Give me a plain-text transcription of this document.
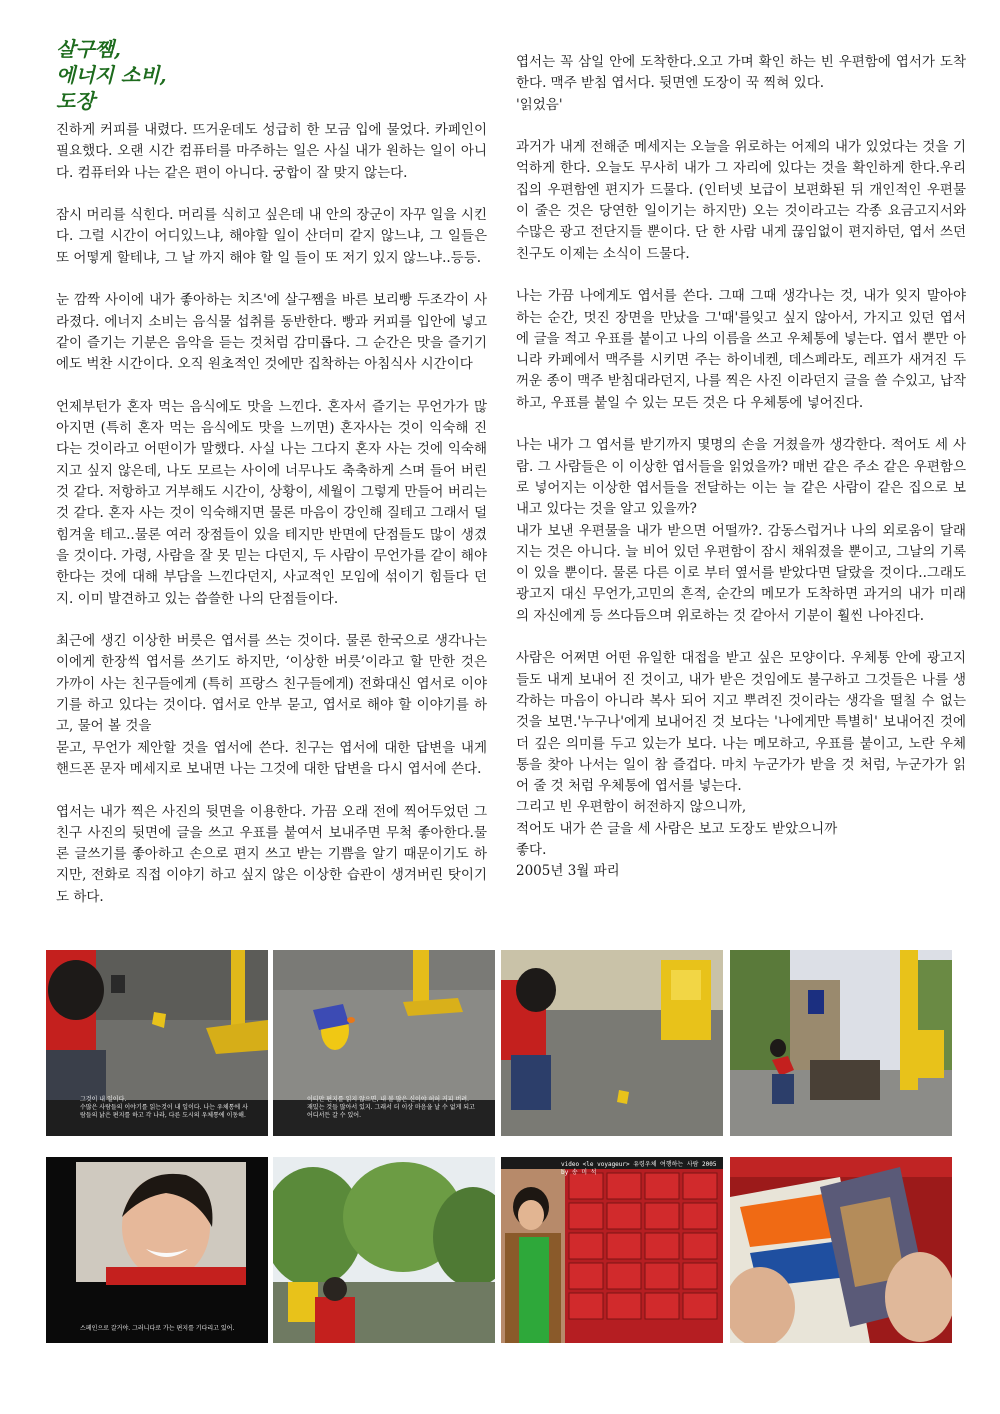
살구쨈,
에너지 소비,
도장

진하게 커피를 내렸다. 뜨거운데도 성급히 한 모금 입에 물었다. 카페인이 필요했다. 오랜 시간 컴퓨터를 마주하는 일은 사실 내가 원하는 일이 아니다. 컴퓨터와 나는 같은 편이 아니다. 궁합이 잘 맞지 않는다.

잠시 머리를 식힌다. 머리를 식히고 싶은데 내 안의 장군이 자꾸 일을 시킨다. 그럴 시간이 어디있느냐, 해야할 일이 산더미 같지 않느냐, 그 일들은 또 어떻게 할테냐, 그 날 까지 해야 할 일 들이 또 저기 있지 않느냐..등등.

눈 깜짝 사이에 내가 좋아하는 치즈'에 살구쨈을 바른 보리빵 두조각이 사라졌다. 에너지 소비는 음식물 섭취를 동반한다. 빵과 커피를 입안에 넣고 같이 즐기는 기분은 음악을 듣는 것처럼 감미롭다. 그 순간은 맛을 즐기기에도 벅찬 시간이다. 오직 원초적인 것에만 집착하는 아침식사 시간이다

언제부턴가 혼자 먹는 음식에도 맛을 느낀다. 혼자서 즐기는 무언가가 많아지면 (특히 혼자 먹는 음식에도 맛을 느끼면) 혼자사는 것이 익숙해 진다는 것이라고 어떤이가 말했다. 사실 나는 그다지 혼자 사는 것에 익숙해지고 싶지 않은데, 나도 모르는 사이에 너무나도 축축하게 스며 들어 버린 것 같다. 저항하고 거부해도 시간이, 상황이, 세월이 그렇게 만들어 버리는 것 같다. 혼자 사는 것이 익숙해지면 물론 마음이 강인해 질테고 그래서 덜 힘겨울 테고..물론 여러 장점들이 있을 테지만 반면에 단점들도 많이 생겼을 것이다. 가령, 사람을 잘 못 믿는 다던지, 두 사람이 무언가를 같이 해야한다는 것에 대해 부담을 느낀다던지, 사교적인 모임에 섞이기 힘들다 던지. 이미 발견하고 있는 씁쓸한 나의 단점들이다.

최근에 생긴 이상한 버릇은 엽서를 쓰는 것이다. 물론 한국으로 생각나는 이에게 한장씩 엽서를 쓰기도 하지만, ‘이상한 버릇’이라고 할 만한 것은 가까이 사는 친구들에게 (특히 프랑스 친구들에게) 전화대신 엽서로 이야기를 하고 있다는 것이다. 엽서로 안부 묻고, 엽서로 해야 할 이야기를 하고, 물어 볼 것을
묻고, 무언가 제안할 것을 엽서에 쓴다. 친구는 엽서에 대한 답변을 내게 핸드폰 문자 메세지로 보내면 나는 그것에 대한 답변을 다시 엽서에 쓴다.

엽서는 내가 찍은 사진의 뒷면을 이용한다. 가끔 오래 전에 찍어두었던 그 친구 사진의 뒷면에 글을 쓰고 우표를 붙여서 보내주면 무척 좋아한다.물론 글쓰기를 좋아하고 손으로 편지 쓰고 받는 기쁨을 알기 때문이기도 하지만, 전화로 직접 이야기 하고 싶지 않은 이상한 습관이 생겨버린 탓이기도 하다.

엽서는 꼭 삼일 안에 도착한다.오고 가며 확인 하는 빈 우편함에 엽서가 도착한다. 맥주 받침 엽서다. 뒷면엔 도장이 꾹 찍혀 있다.
'읽었음'

과거가 내게 전해준 메세지는 오늘을 위로하는 어제의 내가 있었다는 것을 기억하게 한다. 오늘도 무사히 내가 그 자리에 있다는 것을 확인하게 한다.우리집의 우편함엔 편지가 드물다. (인터넷 보급이 보편화된 뒤 개인적인 우편물이 줄은 것은 당연한 일이기는 하지만) 오는 것이라고는 각종 요금고지서와 수많은 광고 전단지들 뿐이다. 단 한 사람 내게 끊임없이 편지하던, 엽서 쓰던 친구도 이제는 소식이 드물다.

나는 가끔 나에게도 엽서를 쓴다. 그때 그때 생각나는 것, 내가 잊지 말아야 하는 순간, 멋진 장면을 만났을 그'때'를잊고 싶지 않아서, 가지고 있던 엽서에 글을 적고 우표를 붙이고 나의 이름을 쓰고 우체통에 넣는다. 엽서 뿐만 아니라 카페에서 맥주를 시키면 주는 하이네켄, 데스페라도, 레프가 새겨진 두꺼운 종이 맥주 받침대라던지, 나를 찍은 사진 이라던지 글을 쓸 수있고, 납작하고, 우표를 붙일 수 있는 모든 것은 다 우체통에 넣어진다.

나는 내가 그 엽서를 받기까지 몇명의 손을 거쳤을까 생각한다. 적어도 세 사람. 그 사람들은 이 이상한 엽서들을 읽었을까? 매번 같은 주소 같은 우편함으로 넣어지는 이상한 엽서들을 전달하는 이는 늘 같은 사람이 같은 집으로 보내고 있다는 것을 알고 있을까?
내가 보낸 우편물을 내가 받으면 어떨까?. 감동스럽거나 나의 외로움이 달래지는 것은 아니다. 늘 비어 있던 우편함이 잠시 채워졌을 뿐이고, 그날의 기록이 있을 뿐이다. 물론 다른 이로 부터 옆서를 받았다면 달랐을 것이다..그래도 광고지 대신 무언가,고민의 흔적, 순간의 메모가 도착하면 과거의 내가 미래의 자신에게 등 쓰다듬으며 위로하는 것 같아서 기분이 훨씬 나아진다.

사람은 어쩌면 어떤 유일한 대접을 받고 싶은 모양이다. 우체통 안에 광고지들도 내게 보내어 진 것이고, 내가 받은 것임에도 불구하고 그것들은 나를 생각하는 마음이 아니라 복사 되어 지고 뿌려진 것이라는 생각을 떨칠 수 없는 것을 보면.'누구나'에게 보내어진 것 보다는 '나에게만 특별히' 보내어진 것에 더 깊은 의미를 두고 있는가 보다. 나는 메모하고, 우표를 붙이고, 노란 우체통을 찾아 나서는 일이 참 즐겁다. 마치 누군가가 받을 것 처럼, 누군가가 읽어 줄 것 처럼 우체통에 엽서를 넣는다.
그리고 빈 우편함이 허전하지 않으니까,
적어도 내가 쓴 글을 세 사람은 보고 도장도 받았으니까
좋다.
2005년 3월 파리

그것이 내 일이다.
수많은 사람들의 이야기를 읽는것이 내 일이다. 나는 우체통에 사람들의 낡은 편지를 하고 각 나라, 다른 도시의 우체통에 이동해.
이티만 편지를 읽지 않으면, 내 볼 많은 신이야 허허 커피 버려. 재밌는 것들 많아서 있지. 그래서 더 이상 마음을 날 수 없게 되고 어디서든 갈 수 있어.
스페인으로 갈거야. 그러니다로 가는 편지를 기다리고 있어.
video <le voyageur> 유령우체 여행하는 사람 2005 by 송 미 석
